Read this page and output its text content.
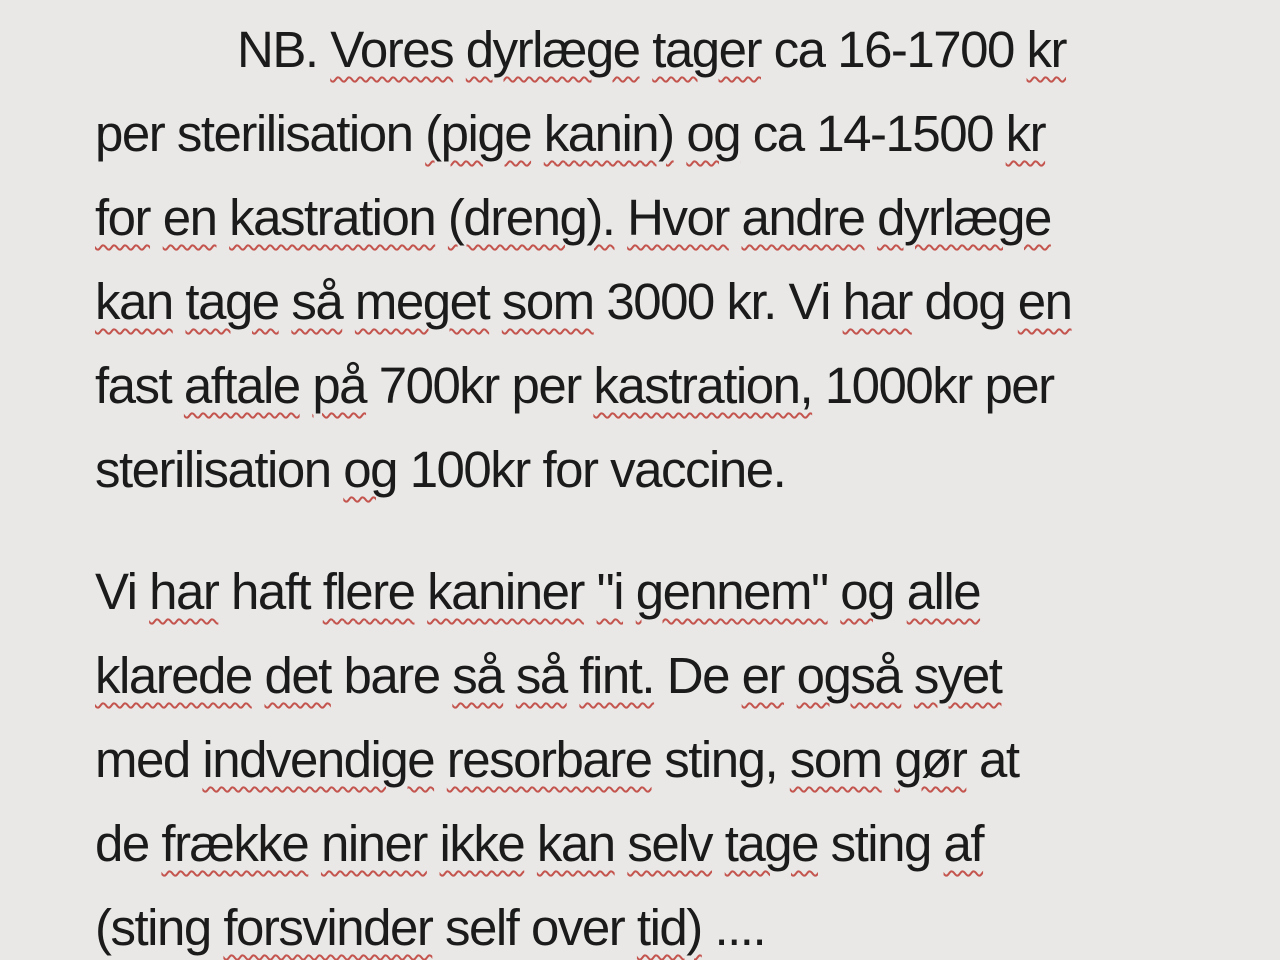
NB. Vores dyrlæge tager ca 16-1700 kr
per sterilisation (pige kanin) og ca 14-1500 kr
for en kastration (dreng). Hvor andre dyrlæge
kan tage så meget som 3000 kr. Vi har dog en
fast aftale på 700kr per kastration, 1000kr per
sterilisation og 100kr for vaccine.
Vi har haft flere kaniner "i gennem" og alle
klarede det bare så så fint. De er også syet
med indvendige resorbare sting, som gør at
de frække niner ikke kan selv tage sting af
(sting forsvinder self over tid) ....
